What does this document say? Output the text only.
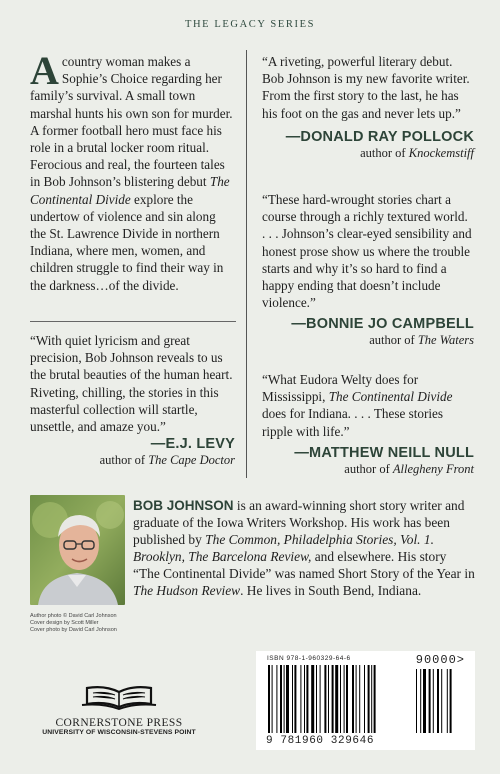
THE LEGACY SERIES
A country woman makes a Sophie’s Choice regarding her family’s survival. A small town marshal hunts his own son for murder. A former football hero must face his role in a brutal locker room ritual. Ferocious and real, the fourteen tales in Bob Johnson’s blistering debut The Continental Divide explore the undertow of violence and sin along the St. Lawrence Divide in northern Indiana, where men, women, and children struggle to find their way in the darkness…of the divide.

“With quiet lyricism and great precision, Bob Johnson reveals to us the brutal beauties of the human heart. Riveting, chilling, the stories in this masterful collection will startle, unsettle, and amaze you.”

—E.J. LEVY
author of The Cape Doctor

“A riveting, powerful literary debut. Bob Johnson is my new favorite writer. From the first story to the last, he has his foot on the gas and never lets up.”

—DONALD RAY POLLOCK
author of Knockemstiff

“These hard-wrought stories chart a course through a richly textured world. . . . Johnson’s clear-eyed sensibility and honest prose show us where the trouble starts and why it’s so hard to find a happy ending that doesn’t include violence.”

—BONNIE JO CAMPBELL
author of The Waters

“What Eudora Welty does for Mississippi, The Continental Divide does for Indiana. . . . These stories ripple with life.”

—MATTHEW NEILL NULL
author of Allegheny Front
Author photo © David Carl Johnson
Cover design by Scott Miller
Cover photo by David Carl Johnson

BOB JOHNSON is an award-winning short story writer and graduate of the Iowa Writers Workshop. His work has been published by The Common, Philadelphia Stories, Vol. 1. Brooklyn, The Barcelona Review, and elsewhere. His story “The Continental Divide” was named Short Story of the Year in The Hudson Review. He lives in South Bend, Indiana.

CORNERSTONE PRESS
UNIVERSITY OF WISCONSIN-STEVENS POINT
ISBN 978-1-960329-64-6	90000>
9 781960 329646
